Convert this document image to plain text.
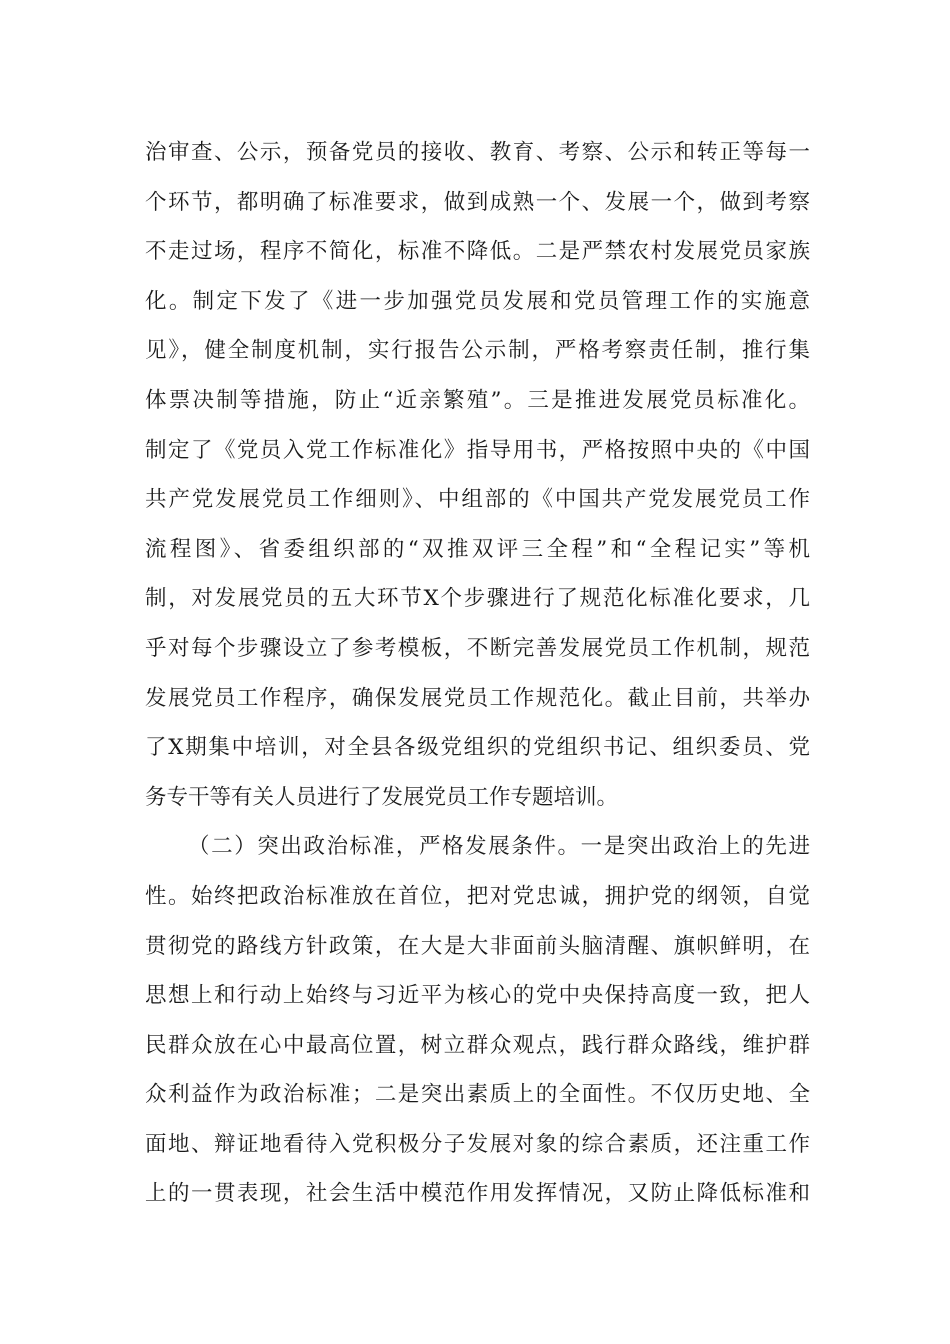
治审查、公示，预备党员的接收、教育、考察、公示和转正等每一
个环节，都明确了标准要求，做到成熟一个、发展一个，做到考察
不走过场，程序不简化，标准不降低。二是严禁农村发展党员家族
化。制定下发了《进一步加强党员发展和党员管理工作的实施意
见》，健全制度机制，实行报告公示制，严格考察责任制，推行集
体票决制等措施，防止“近亲繁殖”。三是推进发展党员标准化。
制定了《党员入党工作标准化》指导用书，严格按照中央的《中国
共产党发展党员工作细则》、中组部的《中国共产党发展党员工作
流程图》、省委组织部的“双推双评三全程”和“全程记实”等机
制，对发展党员的五大环节X个步骤进行了规范化标准化要求，几
乎对每个步骤设立了参考模板，不断完善发展党员工作机制，规范
发展党员工作程序，确保发展党员工作规范化。截止目前，共举办
了X期集中培训，对全县各级党组织的党组织书记、组织委员、党
务专干等有关人员进行了发展党员工作专题培训。
（二）突出政治标准，严格发展条件。一是突出政治上的先进
性。始终把政治标准放在首位，把对党忠诚，拥护党的纲领，自觉
贯彻党的路线方针政策，在大是大非面前头脑清醒、旗帜鲜明，在
思想上和行动上始终与习近平为核心的党中央保持高度一致，把人
民群众放在心中最高位置，树立群众观点，践行群众路线，维护群
众利益作为政治标准；二是突出素质上的全面性。不仅历史地、全
面地、辩证地看待入党积极分子发展对象的综合素质，还注重工作
上的一贯表现，社会生活中模范作用发挥情况，又防止降低标准和
